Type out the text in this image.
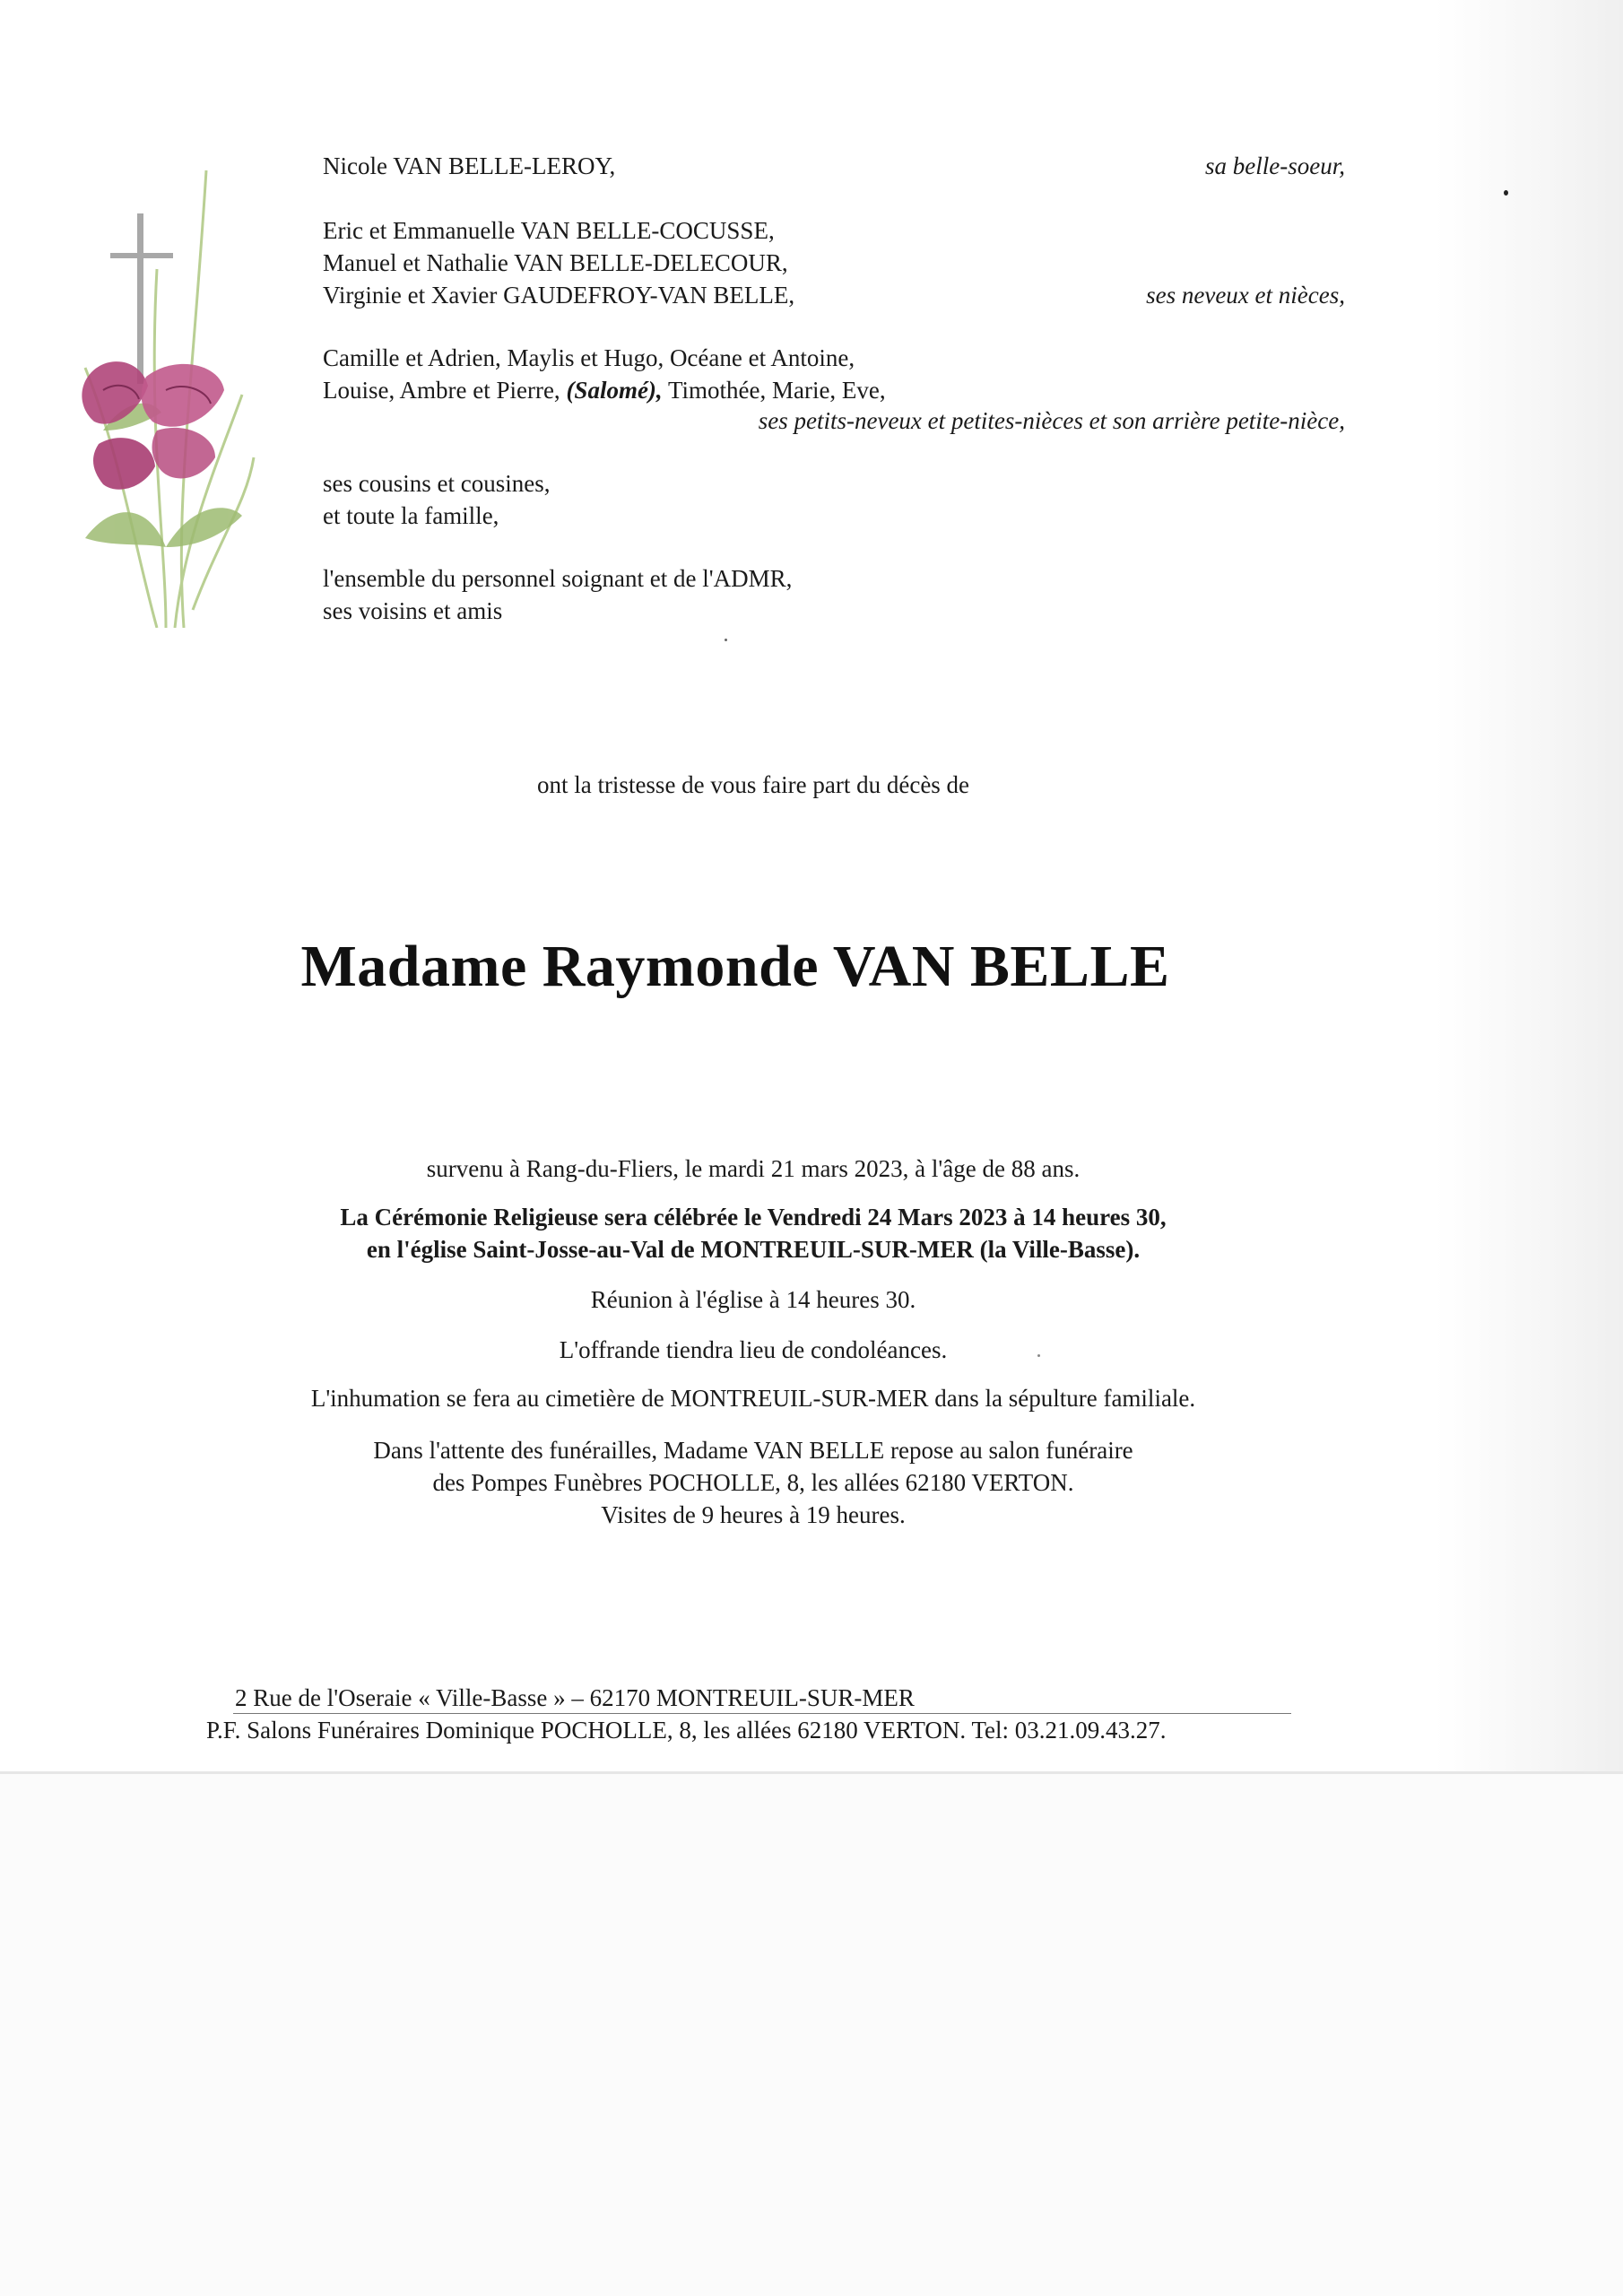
Nicole VAN BELLE-LEROY,	sa belle-soeur,
Eric et Emmanuelle VAN BELLE-COCUSSE,
Manuel et Nathalie VAN BELLE-DELECOUR,
Virginie et Xavier GAUDEFROY-VAN BELLE,	ses neveux et nièces,
Camille et Adrien, Maylis et Hugo, Océane et Antoine,
Louise, Ambre et Pierre, (Salomé), Timothée, Marie, Eve,
ses petits-neveux et petites-nièces et son arrière petite-nièce,
ses cousins et cousines,
et toute la famille,
l'ensemble du personnel soignant et de l'ADMR,
ses voisins et amis
ont la tristesse de vous faire part du décès de
Madame Raymonde VAN BELLE
survenu à Rang-du-Fliers, le mardi 21 mars 2023, à l'âge de 88 ans.
La Cérémonie Religieuse sera célébrée le Vendredi 24 Mars 2023 à 14 heures 30,
en l'église Saint-Josse-au-Val de MONTREUIL-SUR-MER (la Ville-Basse).
Réunion à l'église à 14 heures 30.
L'offrande tiendra lieu de condoléances.
L'inhumation se fera au cimetière de MONTREUIL-SUR-MER dans la sépulture familiale.
Dans l'attente des funérailles, Madame VAN BELLE repose au salon funéraire
des Pompes Funèbres POCHOLLE, 8, les allées 62180 VERTON.
Visites de 9 heures à 19 heures.
2 Rue de l'Oseraie « Ville-Basse » – 62170 MONTREUIL-SUR-MER
P.F. Salons Funéraires Dominique POCHOLLE, 8, les allées 62180 VERTON. Tel: 03.21.09.43.27.
